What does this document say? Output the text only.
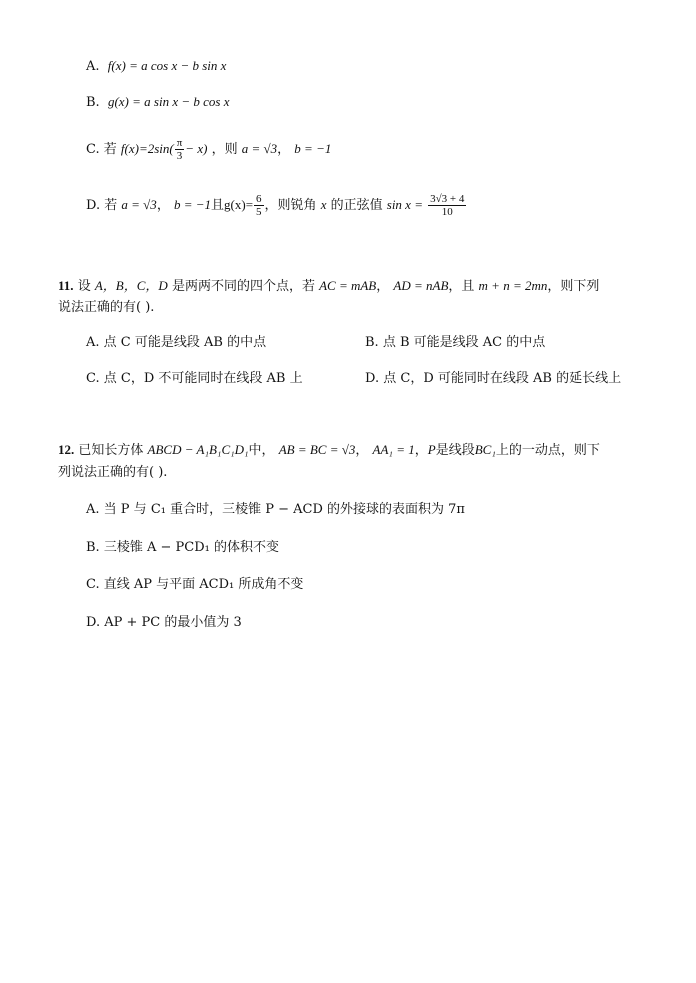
A. f(x) = a cos x − b sin x
B. g(x) = a sin x − b cos x
C. 若 $f(x)=2\sin( \frac{\pi}{3} - x)$ ，则 a = √3， b = −1
D. 若 a = √3， b = −1且$g(x)= \frac{6}{5}$ ，则锐角 x 的正弦值 $\sin x = \frac{3√3 + 4}{10}$
11. 设 A，B，C，D 是两两不同的四个点，若 AC = mAB， AD = nAB，且 m + n = 2mn，则下列
说法正确的有( ).
A. 点 C 可能是线段 AB 的中点	B. 点 B 可能是线段 AC 的中点
C. 点 C，D 不可能同时在线段 AB 上	D. 点 C，D 可能同时在线段 AB 的延长线上
12. 已知长方体 ABCD − A₁B₁C₁D₁中， AB = BC = √3， AA₁ = 1，P是线段BC₁上的一动点，则下
列说法正确的有( ).
A. 当 P 与 C₁ 重合时，三棱锥 P − ACD 的外接球的表面积为 7π
B. 三棱锥 A − PCD₁ 的体积不变
C. 直线 AP 与平面 ACD₁ 所成角不变
D. AP + PC 的最小值为 3
